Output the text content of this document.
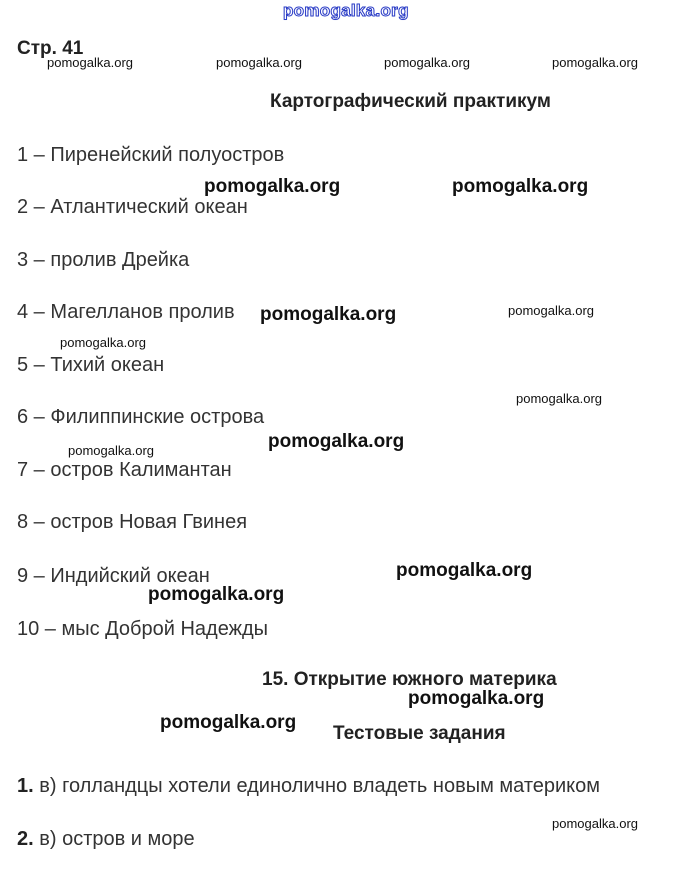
pomogalka.org
Стр. 41
pomogalka.org	pomogalka.org	pomogalka.org	pomogalka.org
Картографический практикум
1 – Пиренейский полуостров
2 – Атлантический океан
3 – пролив Дрейка
4 – Магелланов пролив
5 – Тихий океан
6 – Филиппинские острова
7 – остров Калимантан
8 – остров Новая Гвинея
9 – Индийский океан
10 – мыс Доброй Надежды
pomogalka.org	pomogalka.org
pomogalka.org	pomogalka.org
pomogalka.org
pomogalka.org
pomogalka.org	pomogalka.org
pomogalka.org
pomogalka.org
15. Открытие южного материка
pomogalka.org
pomogalka.org
Тестовые задания
1. в) голландцы хотели единолично владеть новым материком
pomogalka.org
2. в) остров и море
